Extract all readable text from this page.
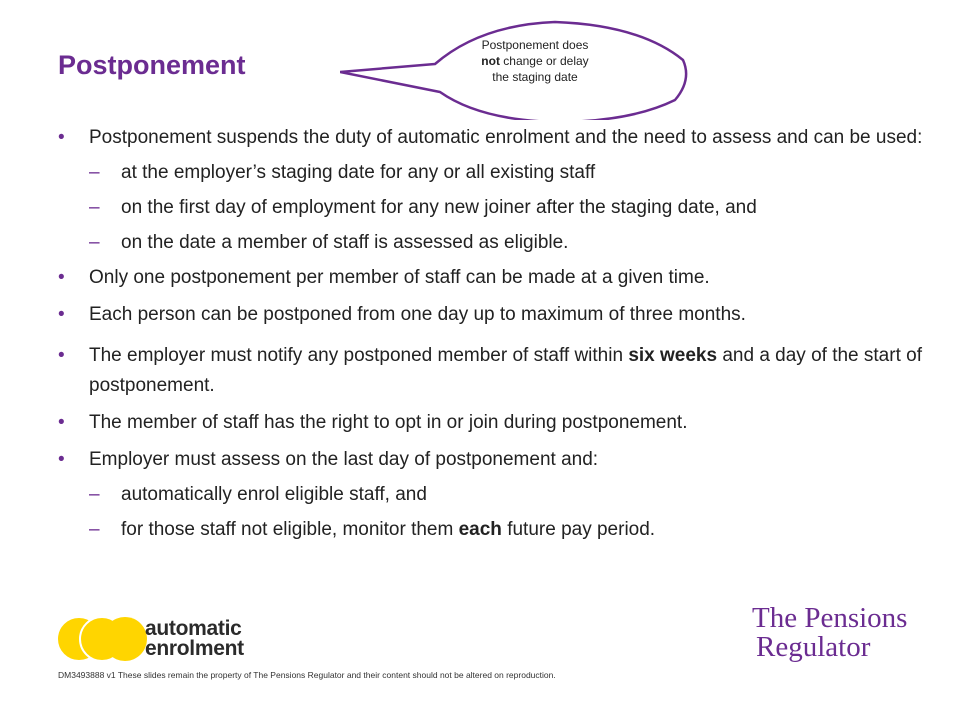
Postponement
Postponement does
not change or delay
the staging date
• Postponement suspends the duty of automatic enrolment and the need to assess and can be used:
– at the employer’s staging date for any or all existing staff
– on the first day of employment for any new joiner after the staging date, and
– on the date a member of staff is assessed as eligible.
• Only one postponement per member of staff can be made at a given time.
• Each person can be postponed from one day up to maximum of three months.
• The employer must notify any postponed member of staff within six weeks and a day of the start of postponement.
• The member of staff has the right to opt in or join during postponement.
• Employer must assess on the last day of postponement and:
– automatically enrol eligible staff, and
– for those staff not eligible, monitor them each future pay period.
automatic
enrolment
The Pensions
Regulator
DM3493888 v1 These slides remain the property of The Pensions Regulator and their content should not be altered on reproduction.
